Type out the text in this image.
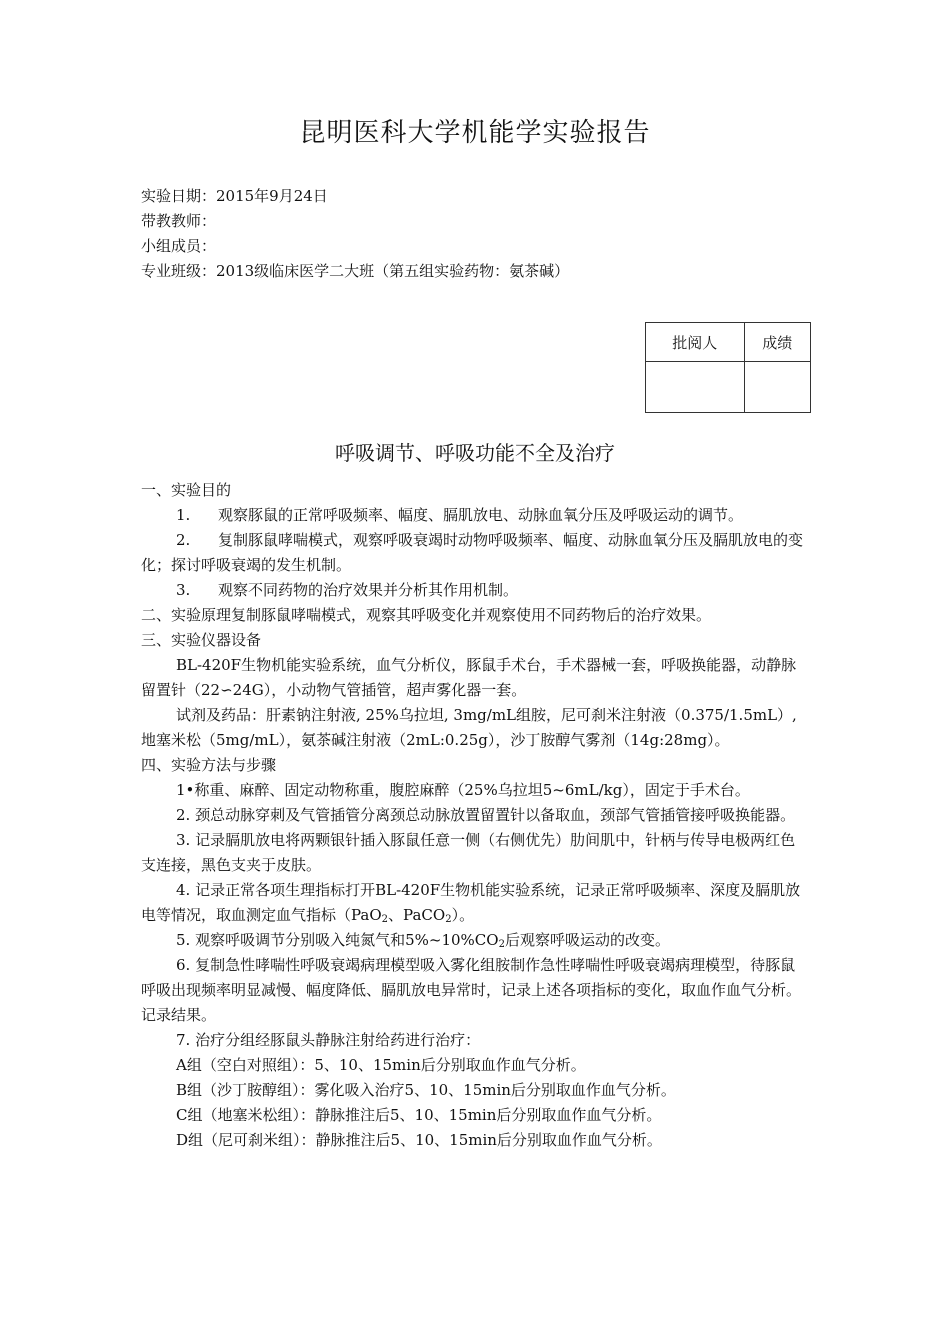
昆明医科大学机能学实验报告
实验日期：2015年9月24日
带教教师：
小组成员：
专业班级：2013级临床医学二大班（第五组实验药物：氨茶碱）
批阅人	成绩

呼吸调节、呼吸功能不全及治疗

一、实验目的

1. 观察豚鼠的正常呼吸频率、幅度、膈肌放电、动脉血氧分压及呼吸运动的调节。

2. 复制豚鼠哮喘模式，观察呼吸衰竭时动物呼吸频率、幅度、动脉血氧分压及膈肌放电的变化；探讨呼吸衰竭的发生机制。

3. 观察不同药物的治疗效果并分析其作用机制。

二、实验原理复制豚鼠哮喘模式，观察其呼吸变化并观察使用不同药物后的治疗效果。

三、实验仪器设备

BL-420F生物机能实验系统，血气分析仪，豚鼠手术台，手术器械一套，呼吸换能器，动静脉留置针（22∽24G），小动物气管插管，超声雾化器一套。

试剂及药品：肝素钠注射液, 25%乌拉坦, 3mg/mL组胺，尼可刹米注射液（0.375/1.5mL）, 地塞米松（5mg/mL），氨茶碱注射液（2mL:0.25g），沙丁胺醇气雾剂（14g:28mg）。

四、实验方法与步骤

1•称重、麻醉、固定动物称重，腹腔麻醉（25%乌拉坦5~6mL/kg），固定于手术台。

2. 颈总动脉穿刺及气管插管分离颈总动脉放置留置针以备取血，颈部气管插管接呼吸换能器。

3. 记录膈肌放电将两颗银针插入豚鼠任意一侧（右侧优先）肋间肌中，针柄与传导电极两红色支连接，黑色支夹于皮肤。

4. 记录正常各项生理指标打开BL-420F生物机能实验系统，记录正常呼吸频率、深度及膈肌放电等情况，取血测定血气指标（PaO$_2$、PaCO$_2$）。

5. 观察呼吸调节分别吸入纯氮气和$5\%\sim 10\%CO_2$后观察呼吸运动的改变。

6. 复制急性哮喘性呼吸衰竭病理模型吸入雾化组胺制作急性哮喘性呼吸衰竭病理模型，待豚鼠呼吸出现频率明显减慢、幅度降低、膈肌放电异常时，记录上述各项指标的变化，取血作血气分析。记录结果。

7. 治疗分组经豚鼠头静脉注射给药进行治疗：

A组（空白对照组）：5、10、15min后分别取血作血气分析。

B组（沙丁胺醇组）：雾化吸入治疗5、10、15min后分别取血作血气分析。

C组（地塞米松组）：静脉推注后5、10、15min后分别取血作血气分析。

D组（尼可刹米组）：静脉推注后5、10、15min后分别取血作血气分析。
